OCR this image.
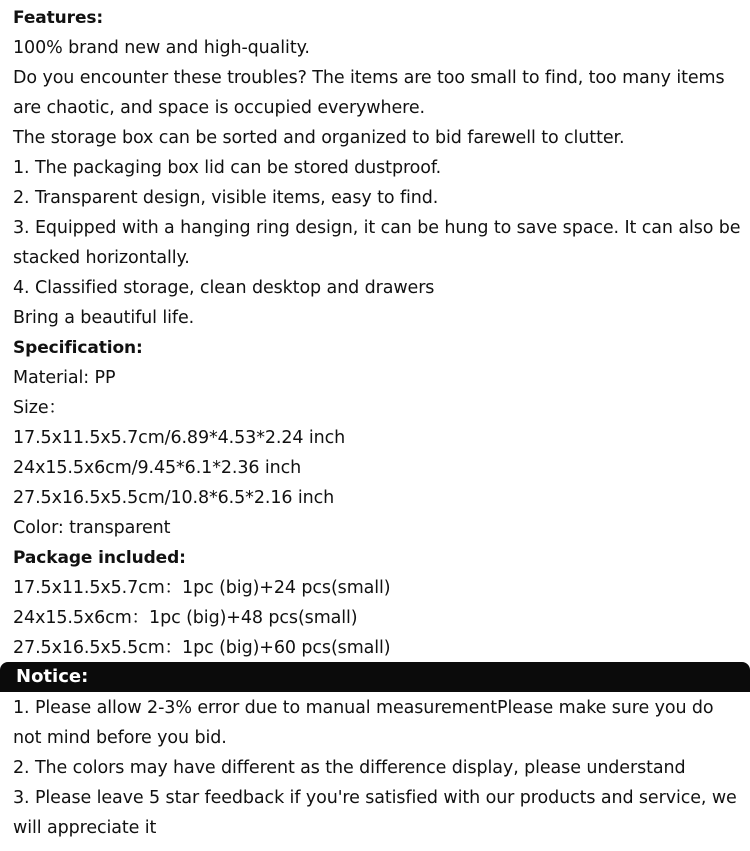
Features:
100% brand new and high-quality.
Do you encounter these troubles? The items are too small to find, too many items
are chaotic, and space is occupied everywhere.
The storage box can be sorted and organized to bid farewell to clutter.
1. The packaging box lid can be stored dustproof.
2. Transparent design, visible items, easy to find.
3. Equipped with a hanging ring design, it can be hung to save space. It can also be
stacked horizontally.
4. Classified storage, clean desktop and drawers
Bring a beautiful life.
Specification:
Material: PP
Size：
17.5x11.5x5.7cm/6.89*4.53*2.24 inch
24x15.5x6cm/9.45*6.1*2.36 inch
27.5x16.5x5.5cm/10.8*6.5*2.16 inch
Color: transparent
Package included:
17.5x11.5x5.7cm：1pc (big)+24 pcs(small)
24x15.5x6cm：1pc (big)+48 pcs(small)
27.5x16.5x5.5cm：1pc (big)+60 pcs(small)
Notice:
1. Please allow 2-3% error due to manual measurementPlease make sure you do
not mind before you bid.
2. The colors may have different as the difference display, please understand
3. Please leave 5 star feedback if you're satisfied with our products and service, we
will appreciate it
